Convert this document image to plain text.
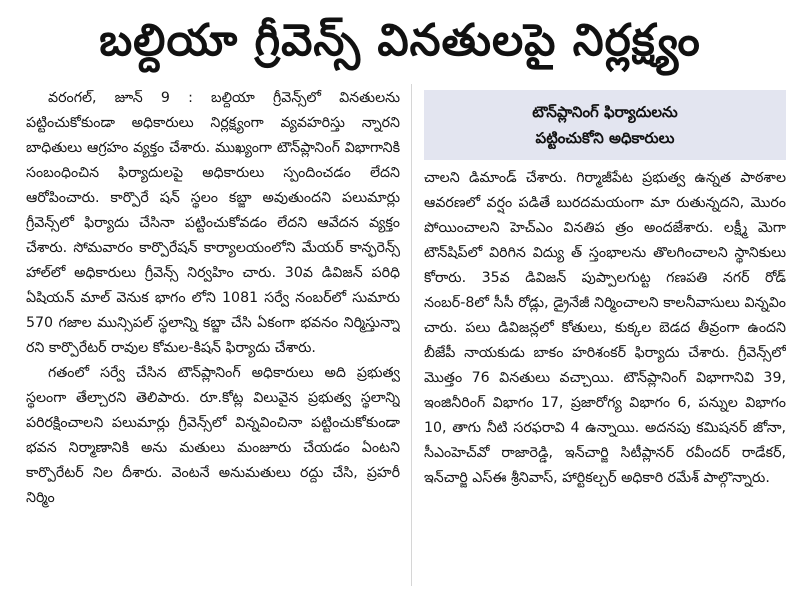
బల్దియా గ్రీవెన్స్ వినతులపై నిర్లక్ష్యం

వరంగల్, జూన్ 9 : బల్దియా గ్రీవెన్స్‌లో వినతులను పట్టించుకోకుండా అధికారులు నిర్లక్ష్యంగా వ్యవహరిస్తు న్నారని బాధితులు ఆగ్రహం వ్యక్తం చేశారు. ముఖ్యంగా టౌన్‌ప్లానింగ్ విభాగానికి సంబంధించిన ఫిర్యాదులపై అధికారులు స్పందించడం లేదని ఆరోపించారు. కార్పొరే షన్ స్థలం కబ్జా అవుతుందని పలుమార్లు గ్రీవెన్స్‌లో ఫిర్యాదు చేసినా పట్టించుకోవడం లేదని ఆవేదన వ్యక్తం చేశారు. సోమవారం కార్పొరేషన్ కార్యాలయంలోని మేయర్ కాన్ఫరెన్స్ హాల్‌లో అధికారులు గ్రీవెన్స్ నిర్వహిం చారు. 30వ డివిజన్ పరిధి ఏషియన్ మాల్ వెనుక భాగం లోని 1081 సర్వే నంబర్‌లో సుమారు 570 గజాల మున్సిపల్ స్థలాన్ని కబ్జా చేసి ఏకంగా భవనం నిర్మిస్తున్నా రని కార్పొరేటర్ రావుల కోమల-కిషన్ ఫిర్యాదు చేశారు.

గతంలో సర్వే చేసిన టౌన్‌ప్లానింగ్ అధికారులు అది ప్రభుత్వ స్థలంగా తేల్చారని తెలిపారు. రూ.కోట్ల విలువైన ప్రభుత్వ స్థలాన్ని పరిరక్షించాలని పలుమార్లు గ్రీవెన్స్‌లో విన్నవించినా పట్టించుకోకుండా భవన నిర్మాణానికి అను మతులు మంజూరు చేయడం ఏంటని కార్పొరేటర్ నిల దీశారు. వెంటనే అనుమతులు రద్దు చేసి, ప్రహరీ నిర్మిం

టౌన్‌ప్లానింగ్ ఫిర్యాదులను
పట్టించుకోని అధికారులు

చాలని డిమాండ్ చేశారు. గిర్మాజీపేట ప్రభుత్వ ఉన్నత పాఠశాల ఆవరణలో వర్షం పడితే బురదమయంగా మా రుతున్నదని, మొరం పోయించాలని హెచ్ఎం వినతిప త్రం అందజేశారు. లక్ష్మీ మెగా టౌన్‌షిప్‌లో విరిగిన విద్యు త్ స్తంభాలను తొలగించాలని స్థానికులు కోరారు. 35వ డివిజన్ పుప్పాలగుట్ట గణపతి నగర్ రోడ్ నంబర్-8లో సీసీ రోడ్లు, డ్రైనేజీ నిర్మించాలని కాలనీవాసులు విన్నవిం చారు. పలు డివిజన్లలో కోతులు, కుక్కల బెడద తీవ్రంగా ఉందని బీజేపీ నాయకుడు బాకం హరిశంకర్ ఫిర్యాదు చేశారు. గ్రీవెన్స్‌లో మొత్తం 76 వినతులు వచ్చాయి. టౌన్‌ప్లానింగ్ విభాగానివి 39, ఇంజినీరింగ్ విభాగం 17, ప్రజారోగ్య విభాగం 6, పన్నుల విభాగం 10, తాగు నీటి సరఫరావి 4 ఉన్నాయి. అదనపు కమిషనర్ జోనా, సీఎంహెచ్‌వో రాజారెడ్డి, ఇన్‌చార్జి సిటీప్లానర్ రవీందర్ రాడేకర్, ఇన్‌చార్జి ఎస్ఈ శ్రీనివాస్, హార్టికల్చర్ అధికారి రమేశ్ పాల్గొన్నారు.
